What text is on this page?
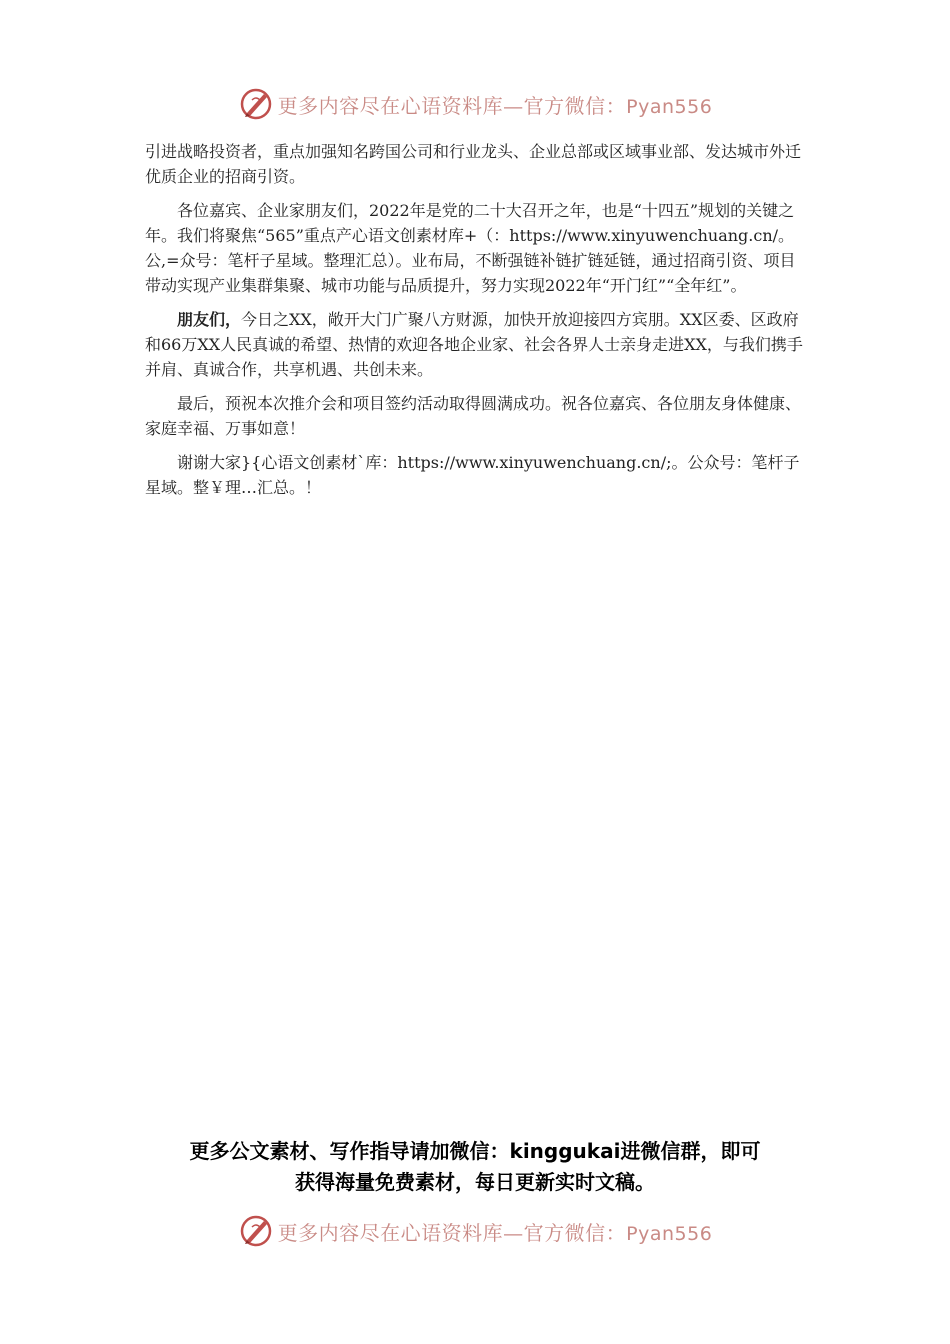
更多内容尽在心语资料库—官方微信：Pyan556

引进战略投资者，重点加强知名跨国公司和行业龙头、企业总部或区域事业部、发达城市外迁优质企业的招商引资。

各位嘉宾、企业家朋友们，2022年是党的二十大召开之年，也是“十四五”规划的关键之年。我们将聚焦“565”重点产心语文创素材库+（：https://www.xinyuwenchuang.cn/。公,=众号：笔杆子星域。整理汇总）。业布局，不断强链补链扩链延链，通过招商引资、项目带动实现产业集群集聚、城市功能与品质提升，努力实现2022年“开门红”“全年红”。

朋友们，今日之XX，敞开大门广聚八方财源，加快开放迎接四方宾朋。XX区委、区政府和66万XX人民真诚的希望、热情的欢迎各地企业家、社会各界人士亲身走进XX，与我们携手并肩、真诚合作，共享机遇、共创未来。

最后，预祝本次推介会和项目签约活动取得圆满成功。祝各位嘉宾、各位朋友身体健康、家庭幸福、万事如意！

谢谢大家}{心语文创素材`库：https://www.xinyuwenchuang.cn/;。公众号：笔杆子星域。整￥理…汇总。！

更多公文素材、写作指导请加微信：kinggukai进微信群，即可
获得海量免费素材，每日更新实时文稿。
更多内容尽在心语资料库—官方微信：Pyan556
